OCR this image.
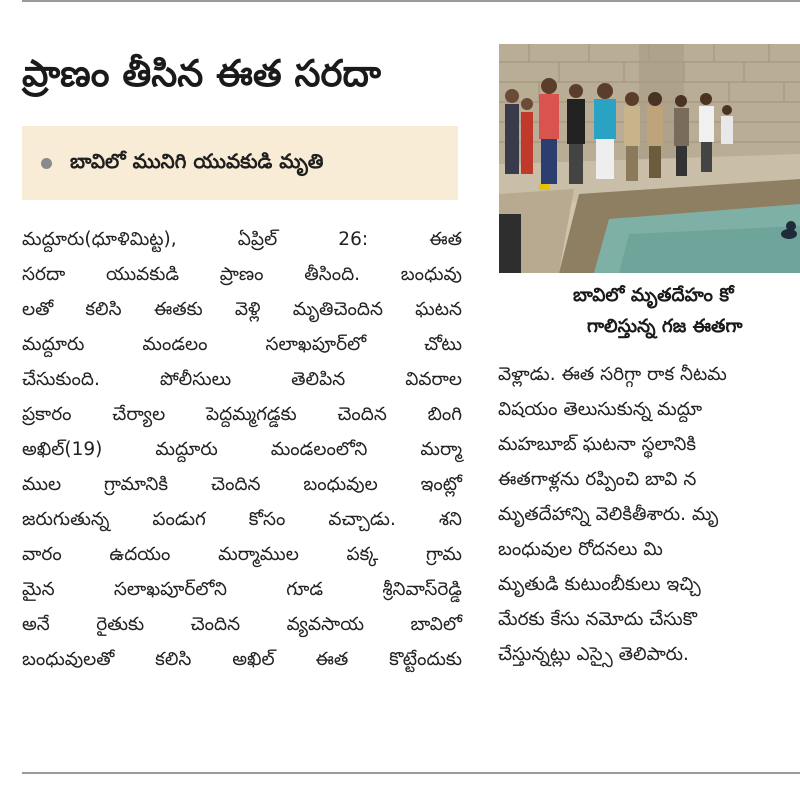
ప్రాణం తీసిన ఈత సరదా
బావిలో మునిగి యువకుడి మృతి
బావిలో మృతదేహం కో
గాలిస్తున్న గజ ఈతగా
మద్దూరు(ధూళిమిట్ట), ఏప్రిల్ 26: ఈత
సరదా యువకుడి ప్రాణం తీసింది. బంధువు
లతో కలిసి ఈతకు వెళ్లి మృతిచెందిన ఘటన
మద్దూరు మండలం సలాఖపూర్‌లో చోటు
చేసుకుంది. పోలీసులు తెలిపిన వివరాల
ప్రకారం చేర్యాల పెద్దమ్మగడ్డకు చెందిన బింగి
అఖిల్(19) మద్దూరు మండలంలోని మర్మా
ముల గ్రామానికి చెందిన బంధువుల ఇంట్లో
జరుగుతున్న పండుగ కోసం వచ్చాడు. శని
వారం ఉదయం మర్మాముల పక్క గ్రామ
మైన సలాఖపూర్‌లోని గూడ శ్రీనివాస్‌రెడ్డి
అనే రైతుకు చెందిన వ్యవసాయ బావిలో
బంధువులతో కలిసి అఖిల్ ఈత కొట్టేందుకు
వెళ్లాడు. ఈత సరిగ్గా రాక నీటమ
విషయం తెలుసుకున్న మద్దూ
మహబూబ్ ఘటనా స్థలానికి
ఈతగాళ్లను రప్పించి బావి న
మృతదేహాన్ని వెలికితీశారు. మృ
బంధువుల రోదనలు మి
మృతుడి కుటుంబీకులు ఇచ్చి
మేరకు కేసు నమోదు చేసుకొ
చేస్తున్నట్లు ఎస్సై తెలిపారు.
